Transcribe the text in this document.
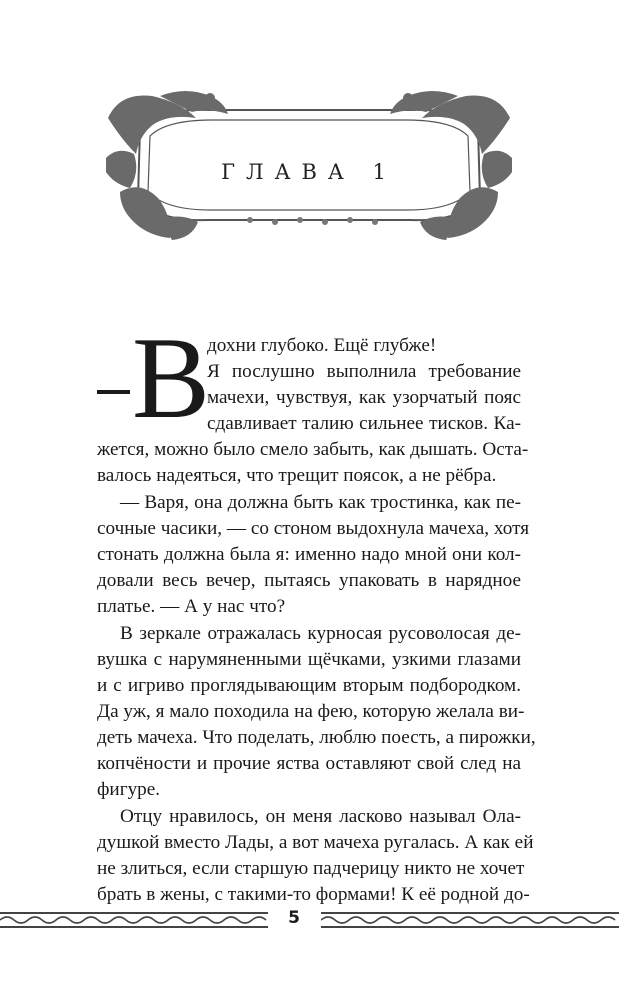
ГЛАВА 1
В
дохни глубоко. Ещё глубже!
Я послушно выполнила требование
мачехи, чувствуя, как узорчатый пояс
сдавливает талию сильнее тисков. Ка-
жется, можно было смело забыть, как дышать. Оста-
валось надеяться, что трещит поясок, а не рёбра.
— Варя, она должна быть как тростинка, как пе-
сочные часики, — со стоном выдохнула мачеха, хотя
стонать должна была я: именно надо мной они кол-
довали весь вечер, пытаясь упаковать в нарядное
платье. — А у нас что?
В зеркале отражалась курносая русоволосая де-
вушка с нарумяненными щёчками, узкими глазами
и с игриво проглядывающим вторым подбородком.
Да уж, я мало походила на фею, которую желала ви-
деть мачеха. Что поделать, люблю поесть, а пирожки,
копчёности и прочие яства оставляют свой след на
фигуре.
Отцу нравилось, он меня ласково называл Ола-
душкой вместо Лады, а вот мачеха ругалась. А как ей
не злиться, если старшую падчерицу никто не хочет
брать в жены, с такими-то формами! К её родной до-
5
